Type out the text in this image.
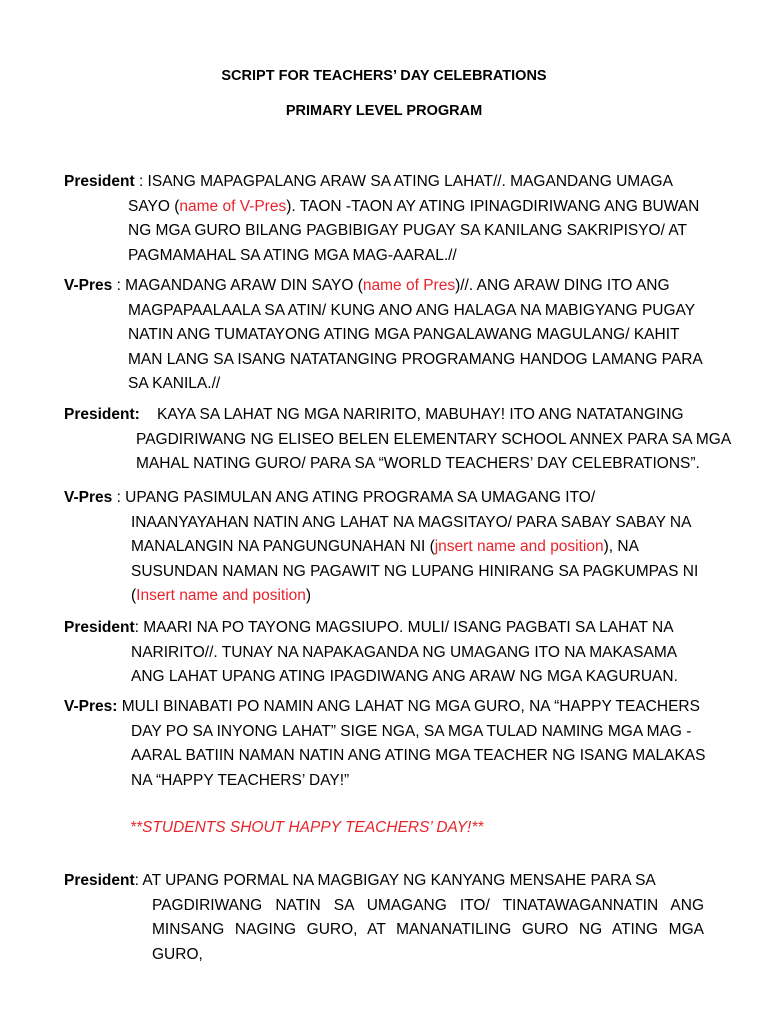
SCRIPT FOR TEACHERS’ DAY CELEBRATIONS
PRIMARY LEVEL PROGRAM
President : ISANG MAPAGPALANG ARAW SA ATING LAHAT//. MAGANDANG UMAGA
SAYO (name of V-Pres). TAON -TAON AY ATING IPINAGDIRIWANG ANG BUWAN
NG MGA GURO BILANG PAGBIBIGAY PUGAY SA KANILANG SAKRIPISYO/ AT
PAGMAMAHAL SA ATING MGA MAG-AARAL.//
V-Pres : MAGANDANG ARAW DIN SAYO (name of Pres)//. ANG ARAW DING ITO ANG
MAGPAPAALAALA SA ATIN/ KUNG ANO ANG HALAGA NA MABIGYANG PUGAY
NATIN ANG TUMATAYONG ATING MGA PANGALAWANG MAGULANG/ KAHIT
MAN LANG SA ISANG NATATANGING PROGRAMANG HANDOG LAMANG PARA
SA KANILA.//
President:    KAYA SA LAHAT NG MGA NARIRITO, MABUHAY! ITO ANG NATATANGING
PAGDIRIWANG NG ELISEO BELEN ELEMENTARY SCHOOL ANNEX PARA SA MGA
MAHAL NATING GURO/ PARA SA “WORLD TEACHERS’ DAY CELEBRATIONS”.
V-Pres : UPANG PASIMULAN ANG ATING PROGRAMA SA UMAGANG ITO/
INAANYAYAHAN NATIN ANG LAHAT NA MAGSITAYO/ PARA SABAY SABAY NA
MANALANGIN NA PANGUNGUNAHAN NI (jnsert name and position), NA
SUSUNDAN NAMAN NG PAGAWIT NG LUPANG HINIRANG SA PAGKUMPAS NI
(Insert name and position)
President: MAARI NA PO TAYONG MAGSIUPO. MULI/ ISANG PAGBATI SA LAHAT NA
NARIRITO//. TUNAY NA NAPAKAGANDA NG UMAGANG ITO NA MAKASAMA
ANG LAHAT UPANG ATING IPAGDIWANG ANG ARAW NG MGA KAGURUAN.
V-Pres: MULI BINABATI PO NAMIN ANG LAHAT NG MGA GURO, NA “HAPPY TEACHERS
DAY PO SA INYONG LAHAT” SIGE NGA, SA MGA TULAD NAMING MGA MAG -
AARAL BATIIN NAMAN NATIN ANG ATING MGA TEACHER NG ISANG MALAKAS
NA “HAPPY TEACHERS’ DAY!”
**STUDENTS SHOUT HAPPY TEACHERS’ DAY!**
President: AT UPANG PORMAL NA MAGBIGAY NG KANYANG MENSAHE PARA SA
PAGDIRIWANG NATIN SA UMAGANG ITO/ TINATAWAGANNATIN ANG
MINSANG NAGING GURO, AT MANANATILING GURO NG ATING MGA GURO,
